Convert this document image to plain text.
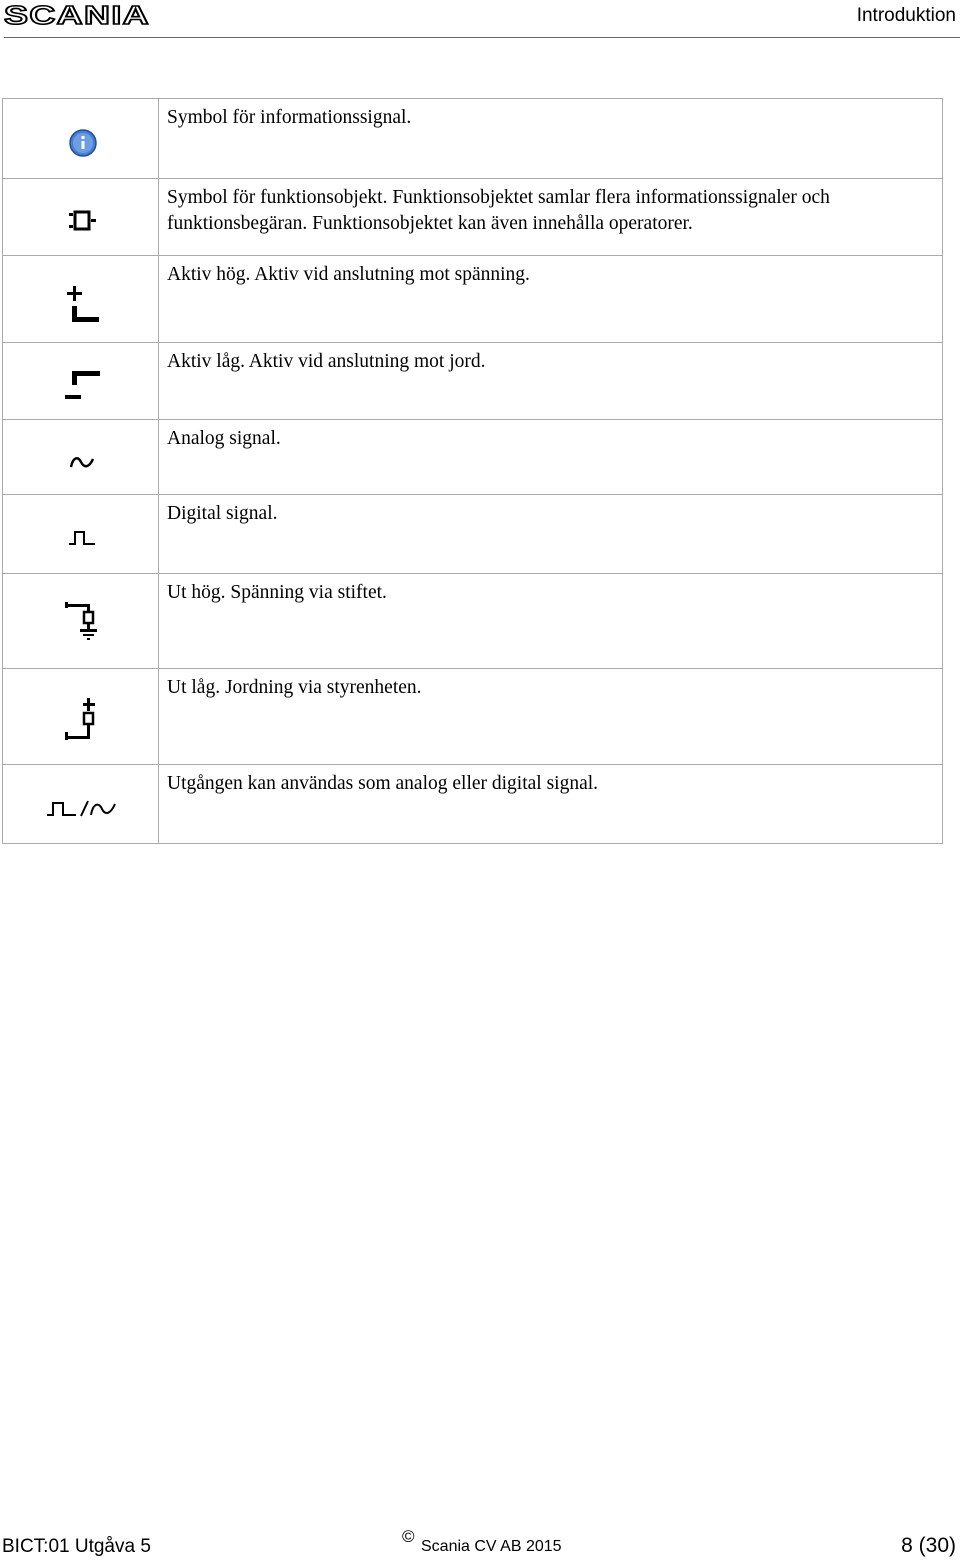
SCANIA	Introduktion
	Symbol för informationssignal.

	Symbol för funktionsobjekt. Funktionsobjektet samlar flera informationssignaler och funktionsbegäran. Funktionsobjektet kan även innehålla operatorer.

	Aktiv hög. Aktiv vid anslutning mot spänning.

	Aktiv låg. Aktiv vid anslutning mot jord.

	Analog signal.

	Digital signal.

	Ut hög. Spänning via stiftet.

	Ut låg. Jordning via styrenheten.

	Utgången kan användas som analog eller digital signal.
BICT:01 Utgåva 5	©
Scania CV AB 2015	8 (30)
